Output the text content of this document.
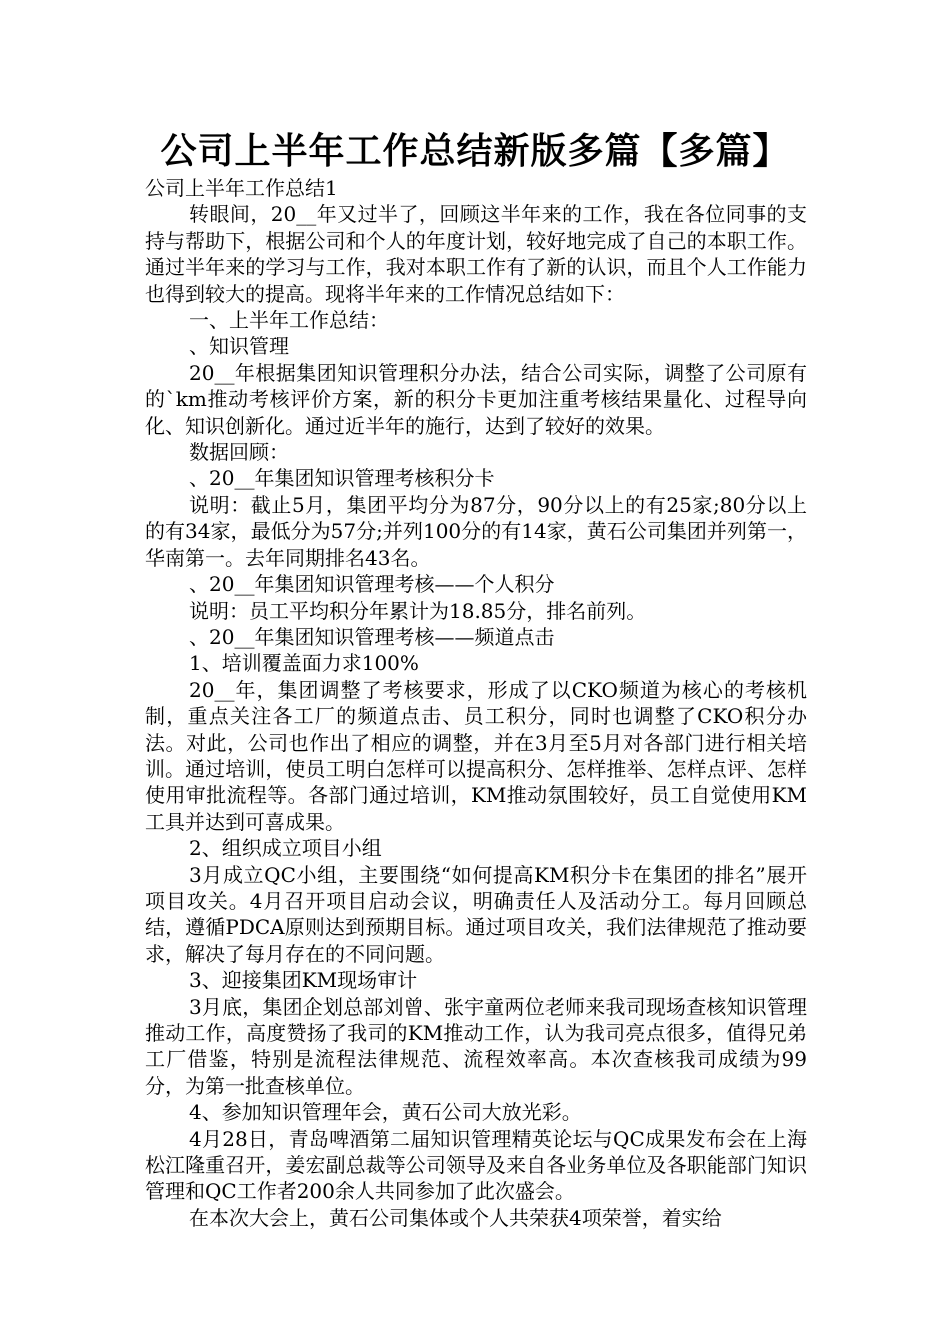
公司上半年工作总结新版多篇【多篇】

公司上半年工作总结1

转眼间，20__年又过半了，回顾这半年来的工作，我在各位同事的支持与帮助下，根据公司和个人的年度计划，较好地完成了自己的本职工作。通过半年来的学习与工作，我对本职工作有了新的认识，而且个人工作能力也得到较大的提高。现将半年来的工作情况总结如下：

一、上半年工作总结：

、知识管理

20__年根据集团知识管理积分办法，结合公司实际，调整了公司原有的`km推动考核评价方案，新的积分卡更加注重考核结果量化、过程导向化、知识创新化。通过近半年的施行，达到了较好的效果。

数据回顾：

、20__年集团知识管理考核积分卡

说明：截止5月，集团平均分为87分，90分以上的有25家;80分以上的有34家，最低分为57分;并列100分的有14家，黄石公司集团并列第一，华南第一。去年同期排名43名。

、20__年集团知识管理考核——个人积分

说明：员工平均积分年累计为18.85分，排名前列。

、20__年集团知识管理考核——频道点击

1、培训覆盖面力求100%

20__年，集团调整了考核要求，形成了以CKO频道为核心的考核机制，重点关注各工厂的频道点击、员工积分，同时也调整了CKO积分办法。对此，公司也作出了相应的调整，并在3月至5月对各部门进行相关培训。通过培训，使员工明白怎样可以提高积分、怎样推举、怎样点评、怎样使用审批流程等。各部门通过培训，KM推动氛围较好，员工自觉使用KM工具并达到可喜成果。

2、组织成立项目小组

3月成立QC小组，主要围绕“如何提高KM积分卡在集团的排名”展开项目攻关。4月召开项目启动会议，明确责任人及活动分工。每月回顾总结，遵循PDCA原则达到预期目标。通过项目攻关，我们法律规范了推动要求，解决了每月存在的不同问题。

3、迎接集团KM现场审计

3月底，集团企划总部刘曾、张宇童两位老师来我司现场查核知识管理推动工作，高度赞扬了我司的KM推动工作，认为我司亮点很多，值得兄弟工厂借鉴，特别是流程法律规范、流程效率高。本次查核我司成绩为99分，为第一批查核单位。

4、参加知识管理年会，黄石公司大放光彩。

4月28日，青岛啤酒第二届知识管理精英论坛与QC成果发布会在上海松江隆重召开，姜宏副总裁等公司领导及来自各业务单位及各职能部门知识管理和QC工作者200余人共同参加了此次盛会。

在本次大会上，黄石公司集体或个人共荣获4项荣誉，着实给
